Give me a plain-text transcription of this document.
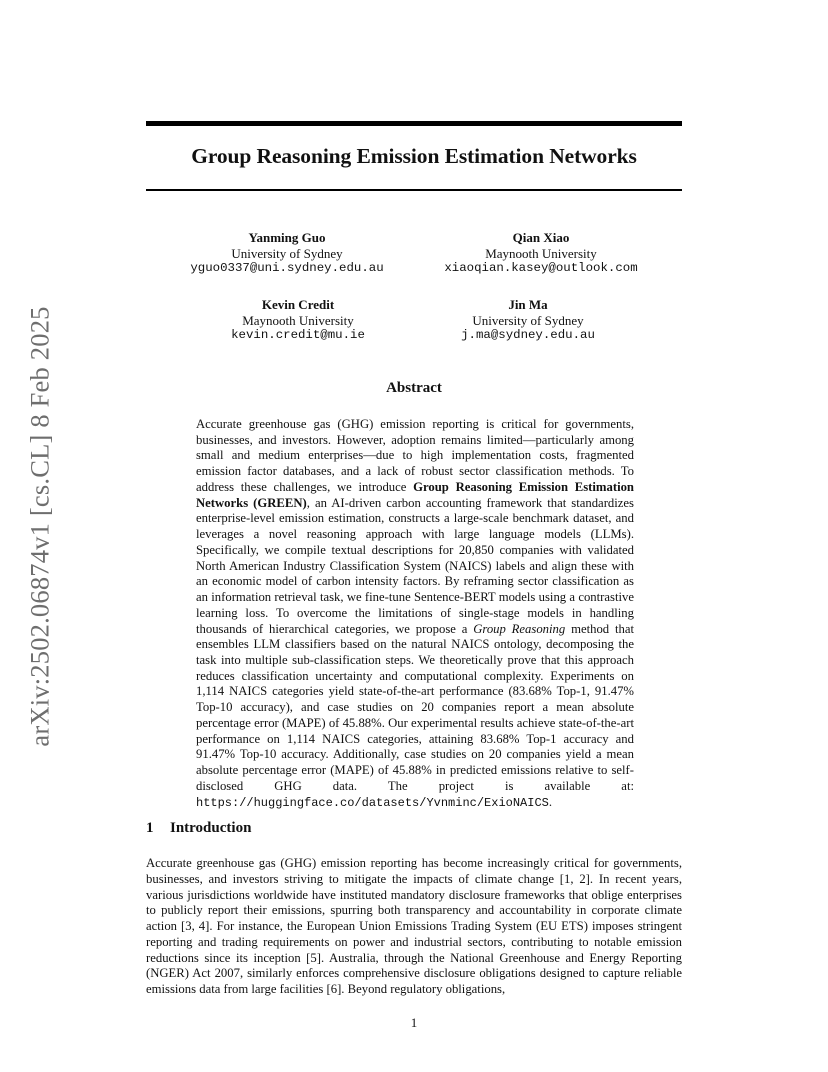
Group Reasoning Emission Estimation Networks
arXiv:2502.06874v1 [cs.CL] 8 Feb 2025
Yanming Guo
University of Sydney
yguo0337@uni.sydney.edu.au
Qian Xiao
Maynooth University
xiaoqian.kasey@outlook.com
Kevin Credit
Maynooth University
kevin.credit@mu.ie
Jin Ma
University of Sydney
j.ma@sydney.edu.au
Abstract
Accurate greenhouse gas (GHG) emission reporting is critical for governments, businesses, and investors. However, adoption remains limited—particularly among small and medium enterprises—due to high implementation costs, fragmented emission factor databases, and a lack of robust sector classification methods. To address these challenges, we introduce Group Reasoning Emission Estimation Networks (GREEN), an AI-driven carbon accounting framework that standardizes enterprise-level emission estimation, constructs a large-scale benchmark dataset, and leverages a novel reasoning approach with large language models (LLMs). Specifically, we compile textual descriptions for 20,850 companies with validated North American Industry Classification System (NAICS) labels and align these with an economic model of carbon intensity factors. By reframing sector classification as an information retrieval task, we fine-tune Sentence-BERT models using a contrastive learning loss. To overcome the limitations of single-stage models in handling thousands of hierarchical categories, we propose a Group Reasoning method that ensembles LLM classifiers based on the natural NAICS ontology, decomposing the task into multiple sub-classification steps. We theoretically prove that this approach reduces classification uncertainty and computational complexity. Experiments on 1,114 NAICS categories yield state-of-the-art performance (83.68% Top-1, 91.47% Top-10 accuracy), and case studies on 20 companies report a mean absolute percentage error (MAPE) of 45.88%. Our experimental results achieve state-of-the-art performance on 1,114 NAICS categories, attaining 83.68% Top-1 accuracy and 91.47% Top-10 accuracy. Additionally, case studies on 20 companies yield a mean absolute percentage error (MAPE) of 45.88% in predicted emissions relative to self-disclosed GHG data. The project is available at: https://huggingface.co/datasets/Yvnminc/ExioNAICS.
1 Introduction
Accurate greenhouse gas (GHG) emission reporting has become increasingly critical for governments, businesses, and investors striving to mitigate the impacts of climate change [1, 2]. In recent years, various jurisdictions worldwide have instituted mandatory disclosure frameworks that oblige enterprises to publicly report their emissions, spurring both transparency and accountability in corporate climate action [3, 4]. For instance, the European Union Emissions Trading System (EU ETS) imposes stringent reporting and trading requirements on power and industrial sectors, contributing to notable emission reductions since its inception [5]. Australia, through the National Greenhouse and Energy Reporting (NGER) Act 2007, similarly enforces comprehensive disclosure obligations designed to capture reliable emissions data from large facilities [6]. Beyond regulatory obligations,
1
